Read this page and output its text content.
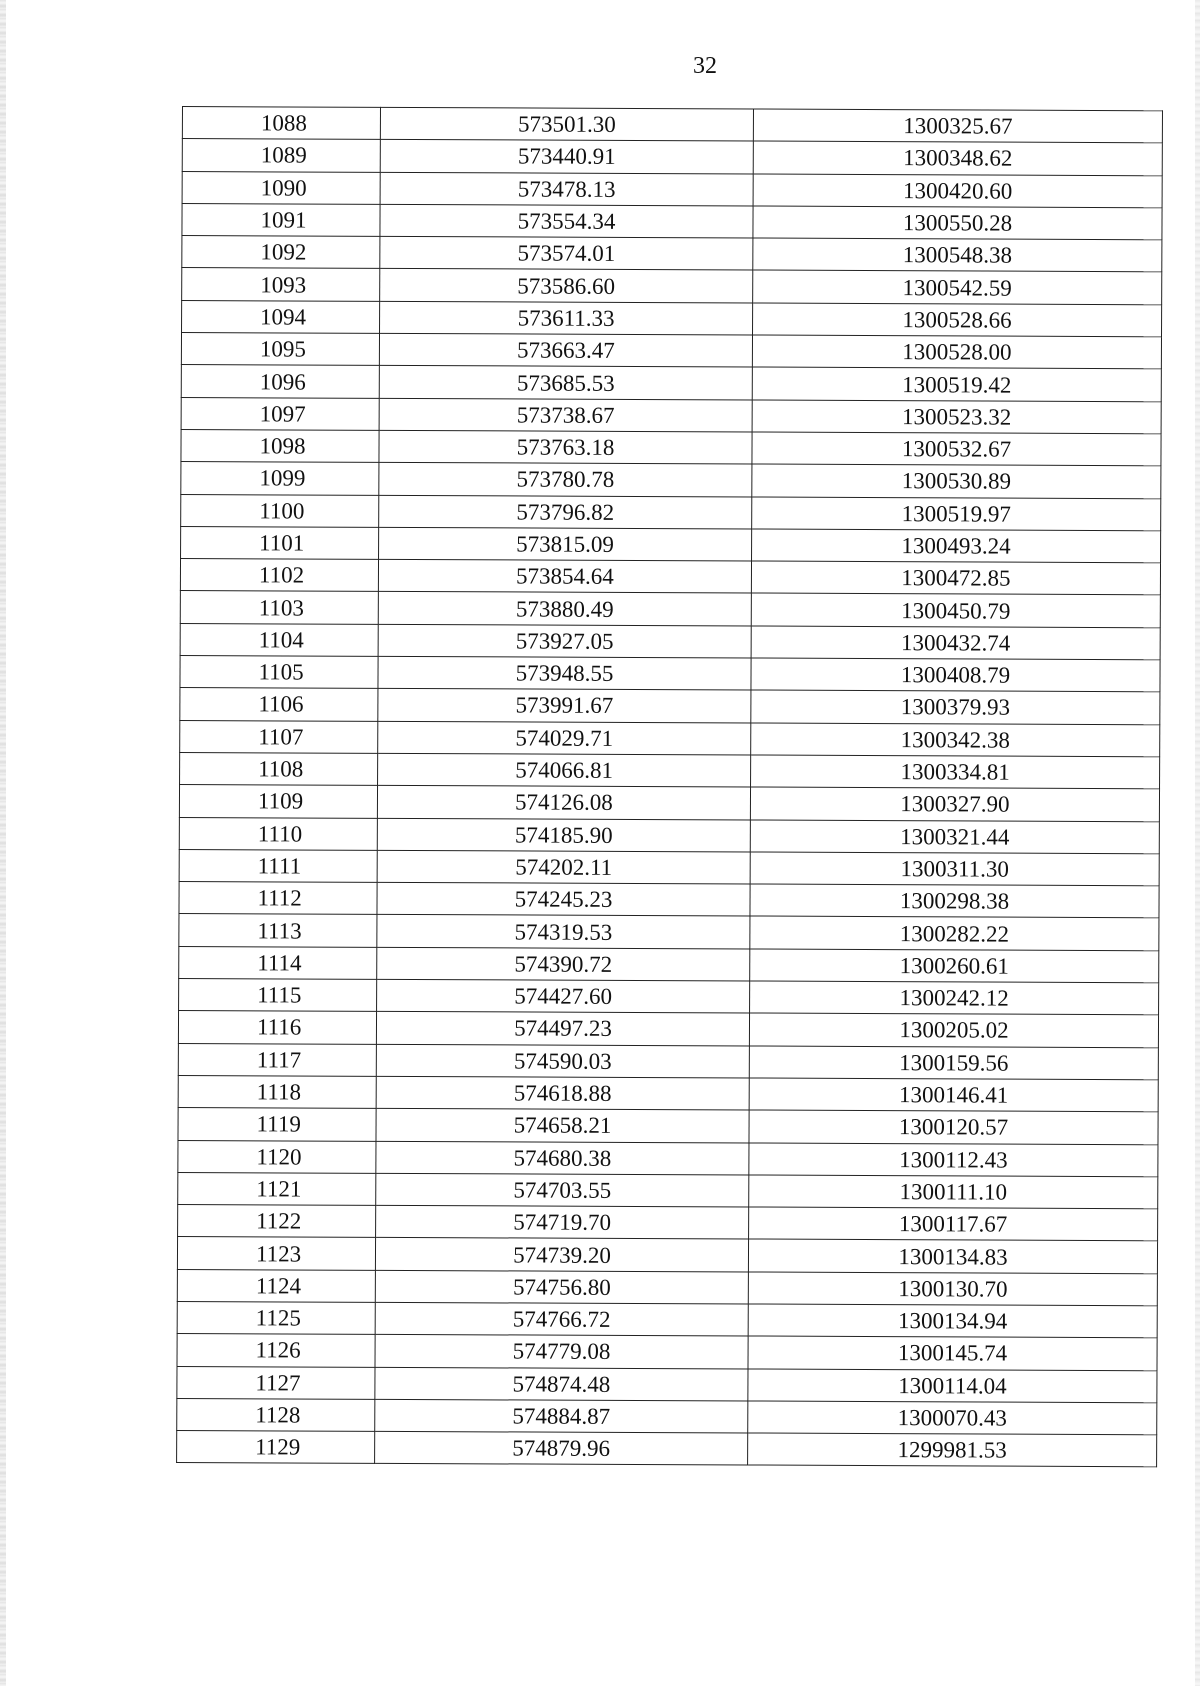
32
1088	573501.30	1300325.67
1089	573440.91	1300348.62
1090	573478.13	1300420.60
1091	573554.34	1300550.28
1092	573574.01	1300548.38
1093	573586.60	1300542.59
1094	573611.33	1300528.66
1095	573663.47	1300528.00
1096	573685.53	1300519.42
1097	573738.67	1300523.32
1098	573763.18	1300532.67
1099	573780.78	1300530.89
1100	573796.82	1300519.97
1101	573815.09	1300493.24
1102	573854.64	1300472.85
1103	573880.49	1300450.79
1104	573927.05	1300432.74
1105	573948.55	1300408.79
1106	573991.67	1300379.93
1107	574029.71	1300342.38
1108	574066.81	1300334.81
1109	574126.08	1300327.90
1110	574185.90	1300321.44
1111	574202.11	1300311.30
1112	574245.23	1300298.38
1113	574319.53	1300282.22
1114	574390.72	1300260.61
1115	574427.60	1300242.12
1116	574497.23	1300205.02
1117	574590.03	1300159.56
1118	574618.88	1300146.41
1119	574658.21	1300120.57
1120	574680.38	1300112.43
1121	574703.55	1300111.10
1122	574719.70	1300117.67
1123	574739.20	1300134.83
1124	574756.80	1300130.70
1125	574766.72	1300134.94
1126	574779.08	1300145.74
1127	574874.48	1300114.04
1128	574884.87	1300070.43
1129	574879.96	1299981.53
